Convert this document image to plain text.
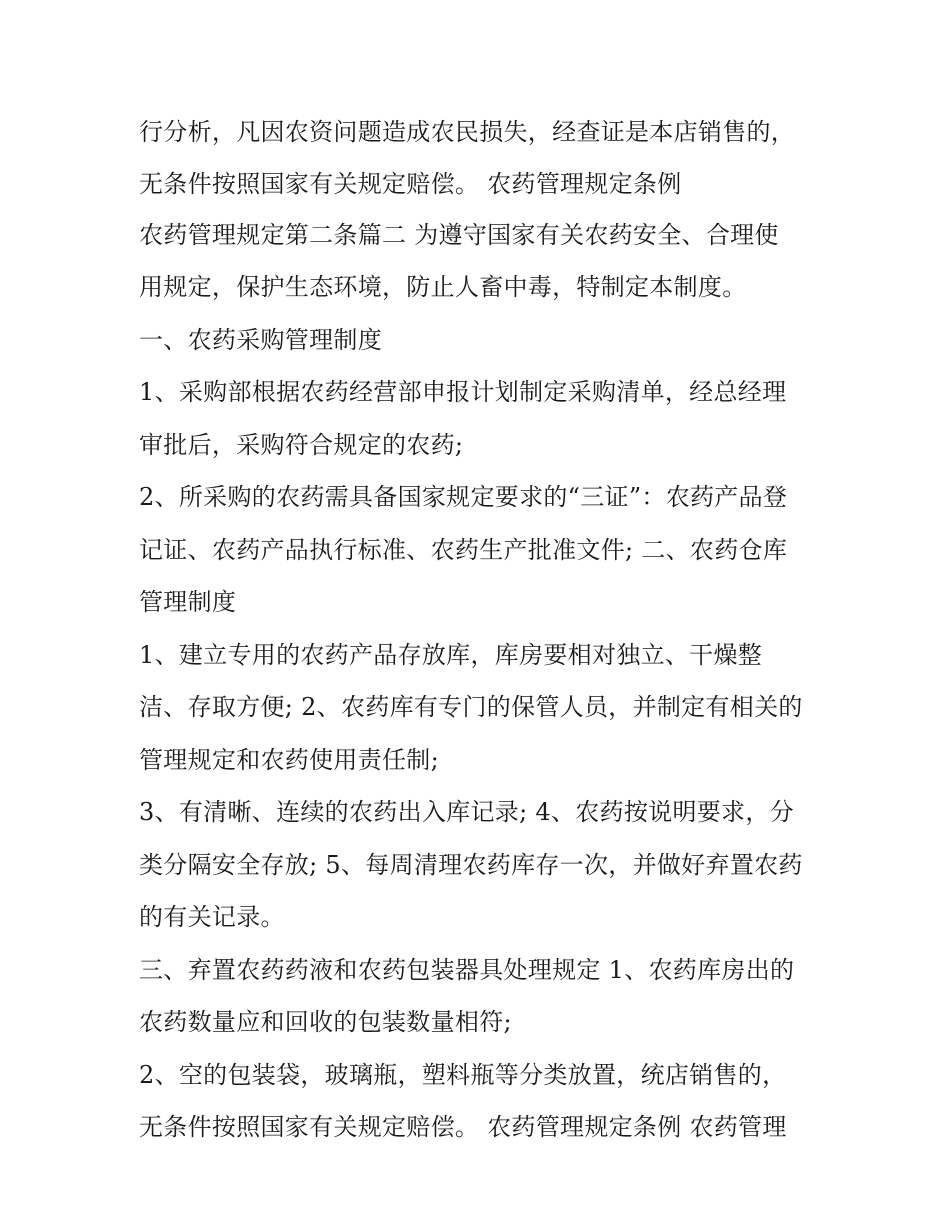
行分析，凡因农资问题造成农民损失，经查证是本店销售的，
无条件按照国家有关规定赔偿。 农药管理规定条例
农药管理规定第二条篇二 为遵守国家有关农药安全、合理使
用规定，保护生态环境，防止人畜中毒，特制定本制度。
一、农药采购管理制度
1、采购部根据农药经营部申报计划制定采购清单，经总经理
审批后，采购符合规定的农药;
2、所采购的农药需具备国家规定要求的“三证”：农药产品登
记证、农药产品执行标准、农药生产批准文件; 二、农药仓库
管理制度
1、建立专用的农药产品存放库，库房要相对独立、干燥整
洁、存取方便; 2、农药库有专门的保管人员，并制定有相关的
管理规定和农药使用责任制;
3、有清晰、连续的农药出入库记录; 4、农药按说明要求，分
类分隔安全存放; 5、每周清理农药库存一次，并做好弃置农药
的有关记录。
三、弃置农药药液和农药包装器具处理规定 1、农药库房出的
农药数量应和回收的包装数量相符;
2、空的包装袋，玻璃瓶，塑料瓶等分类放置，统店销售的，
无条件按照国家有关规定赔偿。 农药管理规定条例 农药管理
